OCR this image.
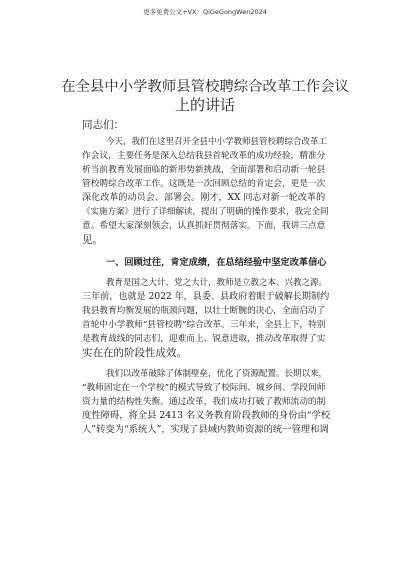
更多免费公文+VX：QiGeGongWen2024
在全县中小学教师县管校聘综合改革工作会议
上的讲话
同志们：
今天，我们在这里召开全县中小学教师县管校聘综合改革工
作会议，主要任务是深入总结我县首轮改革的成功经验，精准分
析当前教育发展面临的新形势新挑战，全面部署和启动新一轮县
管校聘综合改革工作。这既是一次回顾总结的肯定会，更是一次
深化改革的动员会、部署会。刚才，XX 同志对新一轮改革的
《实施方案》进行了详细解读，提出了明确的操作要求，我完全同
意。希望大家深刻领会，认真抓好贯彻落实。下面，我讲三点意
见。
一、回顾过往，肯定成绩，在总结经验中坚定改革信心
教育是国之大计、党之大计，教师是立教之本、兴教之源。
三年前，也就是 2022 年，县委、县政府着眼于破解长期制约
我县教育均衡发展的瓶颈问题，以壮士断腕的决心，全面启动了
首轮中小学教师“县管校聘”综合改革。三年来，全县上下，特别
是教育战线的同志们，迎难而上、锐意进取，推动改革取得了实
实在在的阶段性成效。
我们以改革破除了体制壁垒，优化了资源配置。长期以来，
“教师固定在一个学校”的模式导致了校际间、城乡间、学段间师
资力量的结构性失衡。通过改革，我们成功打破了教师流动的制
度性障碍，将全县 2413 名义务教育阶段教师的身份由“学校
人”转变为“系统人”，实现了县域内教师资源的统一管理和调
